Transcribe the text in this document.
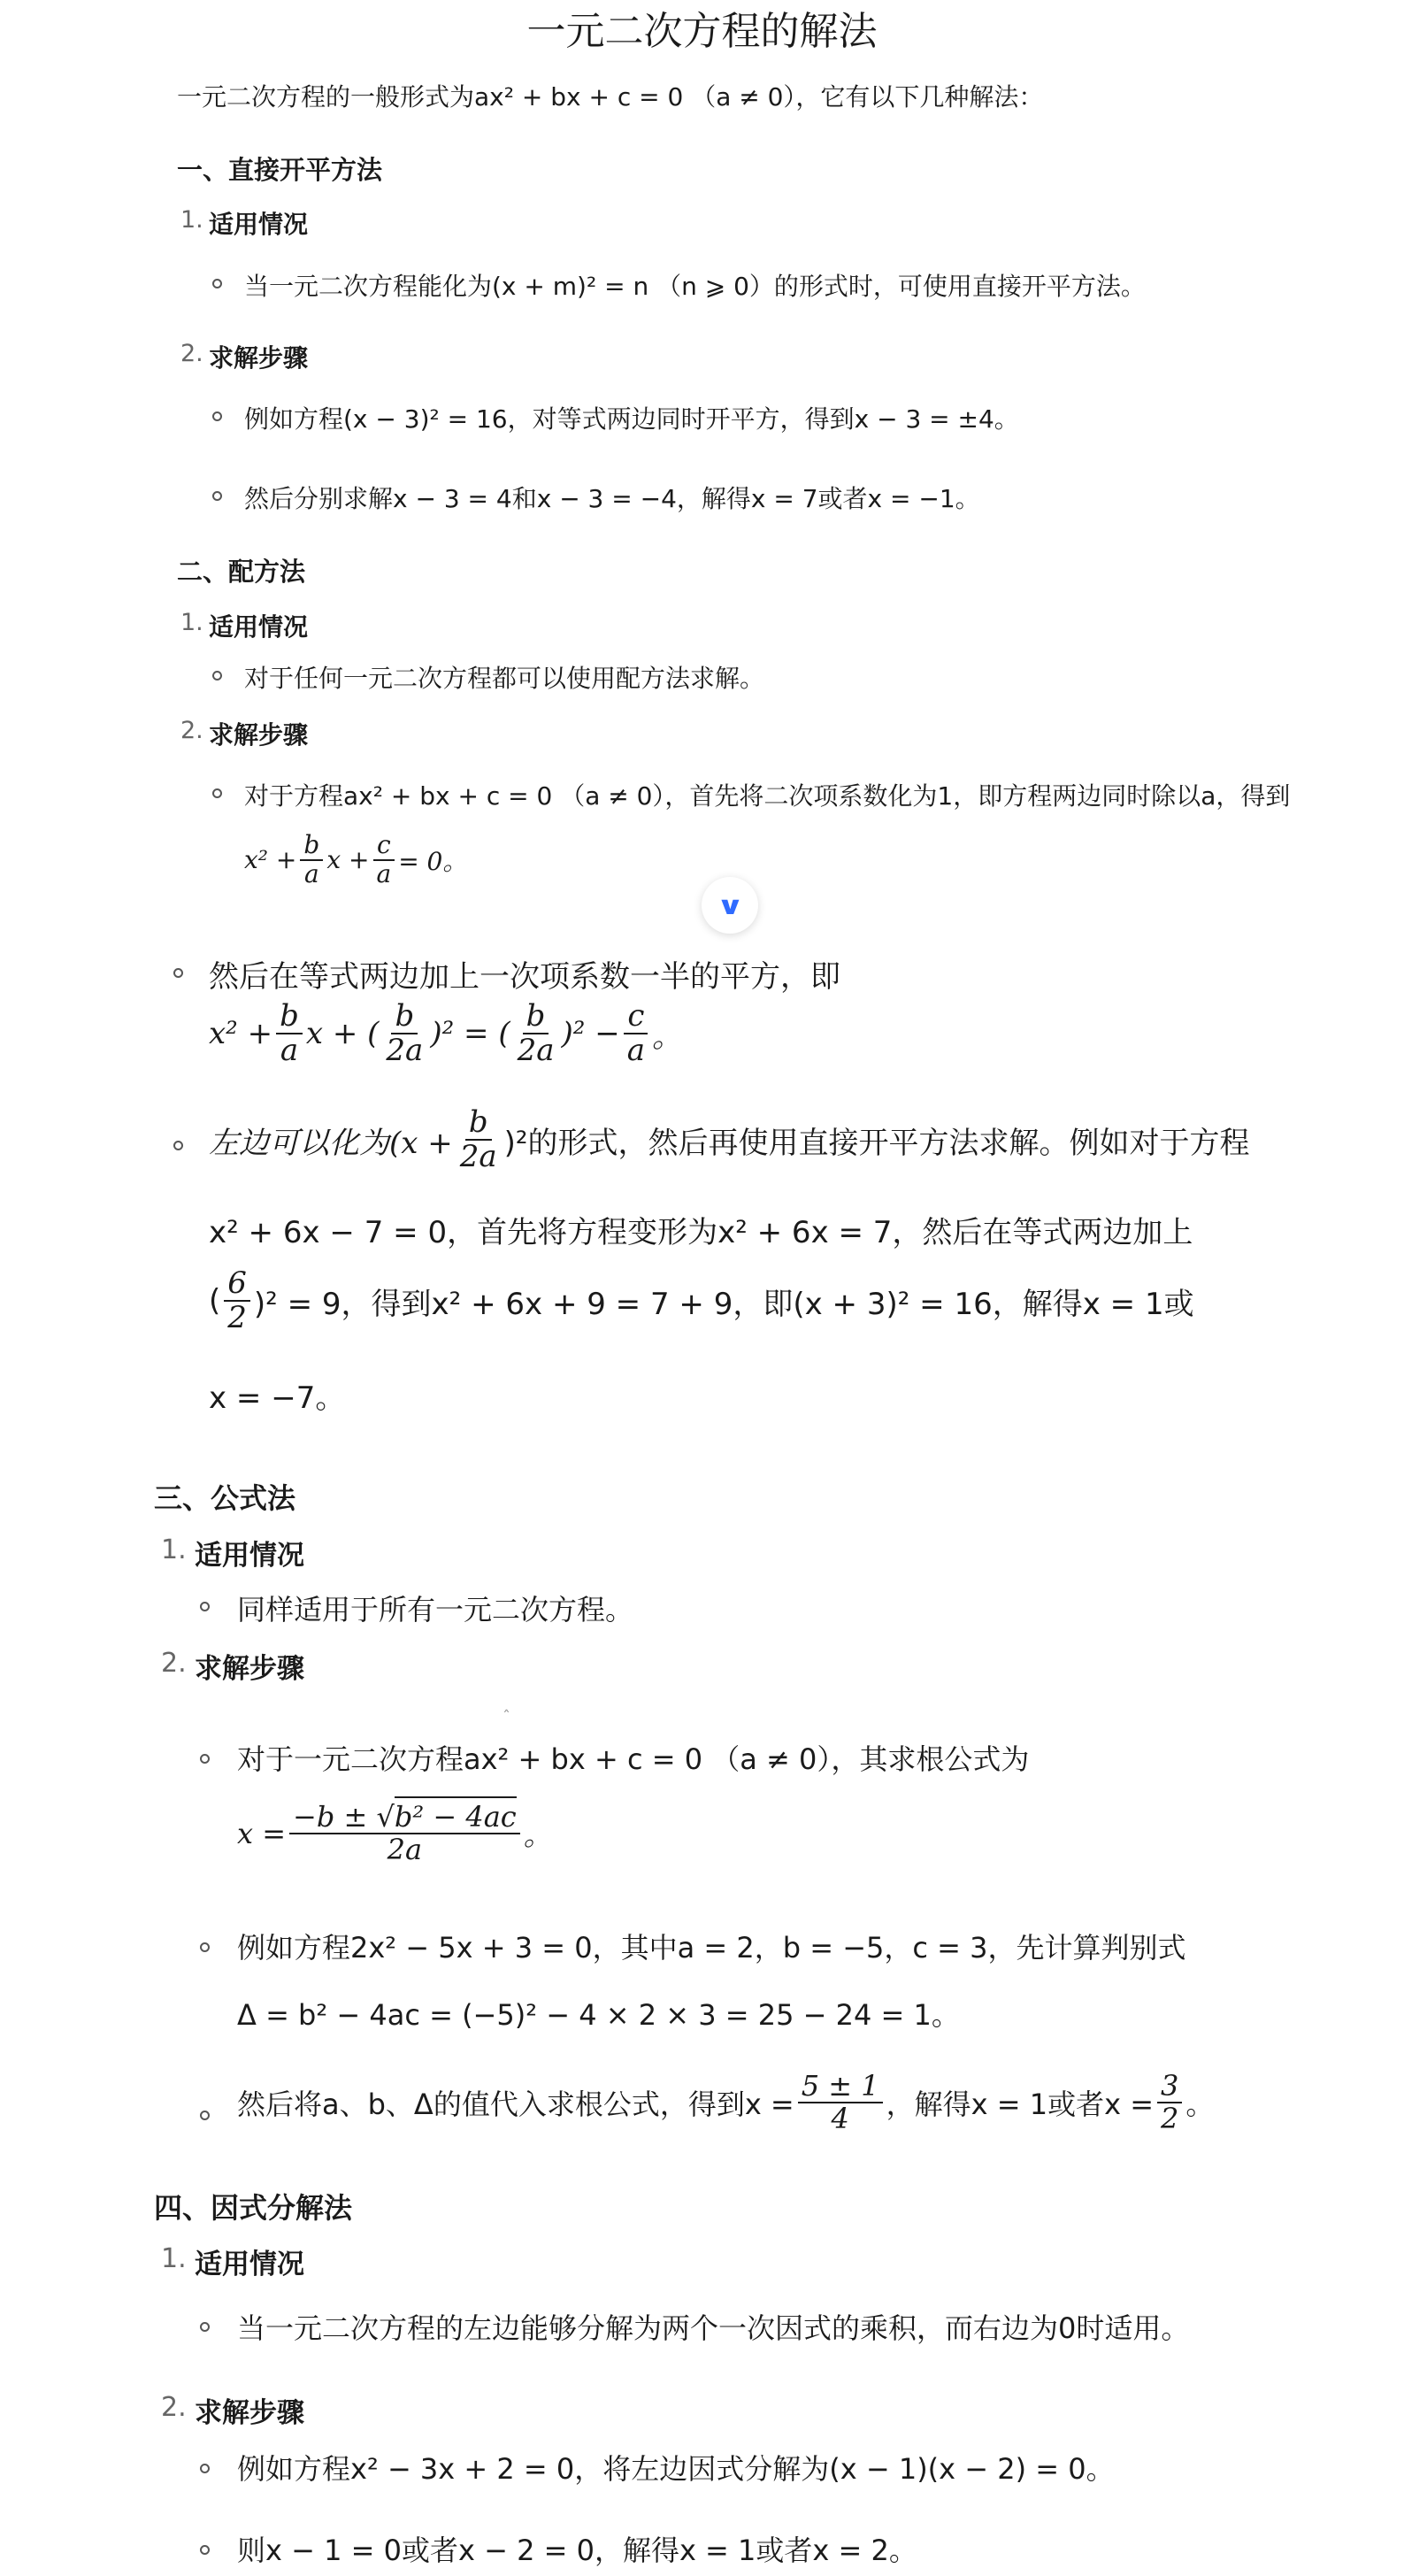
一元二次方程的解法
一元二次方程的一般形式为ax² + bx + c = 0 （a ≠ 0），它有以下几种解法：
一、直接开平方法
1. 适用情况
当一元二次方程能化为(x + m)² = n （n ⩾ 0）的形式时，可使用直接开平方法。
2. 求解步骤
例如方程(x − 3)² = 16，对等式两边同时开平方，得到x − 3 = ±4。
然后分别求解x − 3 = 4和x − 3 = −4，解得x = 7或者x = −1。
二、配方法
1. 适用情况
对于任何一元二次方程都可以使用配方法求解。
2. 求解步骤
对于方程ax² + bx + c = 0 （a ≠ 0），首先将二次项系数化为1，即方程两边同时除以a，得到
$x^2 + \frac{b}{a}$ $x + \frac{c}{a} = 0$。
∨
然后在等式两边加上一次项系数一半的平方，即
$x^2 + \frac{b}{a}$ x + ( $\frac{b}{2a} )^2$ = ( $\frac{b}{2a} )^2 - \frac{c}{a}$ 。
左边可以化为$(x + \frac{b}{2a} )^2$的形式，然后再使用直接开平方法求解。例如对于方程
x² + 6x − 7 = 0，首先将方程变形为x² + 6x = 7，然后在等式两边加上
( $\frac{6}{2} )^2 = 9$，得到x² + 6x + 9 = 7 + 9，即(x + 3)² = 16，解得x = 1或
x = −7。
三、公式法
1. 适用情况
同样适用于所有一元二次方程。
2. 求解步骤
ˆ
对于一元二次方程ax² + bx + c = 0 （a ≠ 0），其求根公式为
$x = \frac{\text{−b ± √b² − 4ac}}{2a}$ 。
例如方程2x² − 5x + 3 = 0，其中a = 2，b = −5，c = 3，先计算判别式
Δ = b² − 4ac = (−5)² − 4 × 2 × 3 = 25 − 24 = 1。
然后将a、b、Δ的值代入求根公式，得到$x = \frac{5 \pm 1}{4}$ ，解得x = 1或者$x = \frac{3}{2}$ 。
四、因式分解法
1. 适用情况
当一元二次方程的左边能够分解为两个一次因式的乘积，而右边为0时适用。
2. 求解步骤
例如方程x² − 3x + 2 = 0，将左边因式分解为(x − 1)(x − 2) = 0。
则x − 1 = 0或者x − 2 = 0，解得x = 1或者x = 2。
